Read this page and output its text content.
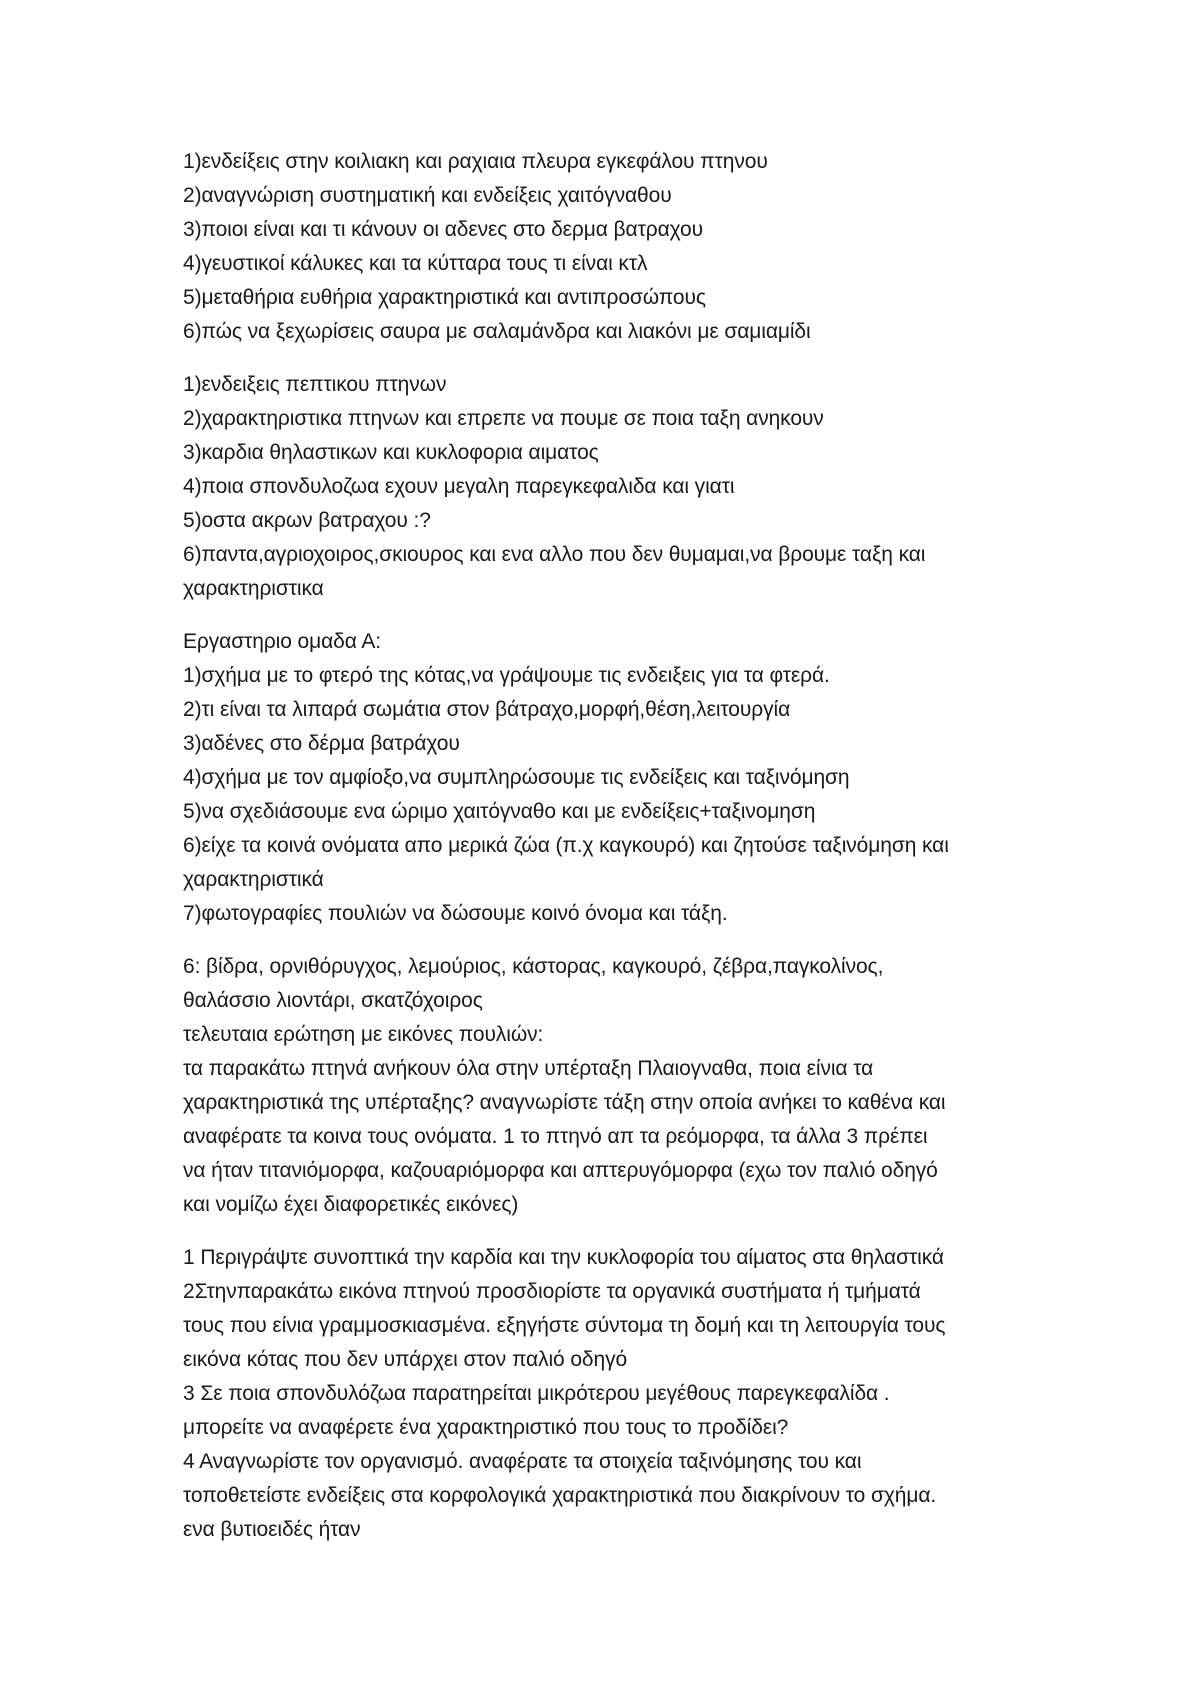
1)ενδείξεις στην κοιλιακη και ραχιαια πλευρα εγκεφάλου πτηνου
2)αναγνώριση συστηματική και ενδείξεις χαιτόγναθου
3)ποιοι είναι και τι κάνουν οι αδενες στο δερμα βατραχου
4)γευστικοί κάλυκες και τα κύτταρα τους τι είναι κτλ
5)μεταθήρια ευθήρια χαρακτηριστικά και αντιπροσώπους
6)πώς να ξεχωρίσεις σαυρα με σαλαμάνδρα και λιακόνι με σαμιαμίδι
1)ενδειξεις πεπτικου πτηνων
2)χαρακτηριστικα πτηνων και επρεπε να πουμε σε ποια ταξη ανηκουν
3)καρδια θηλαστικων και κυκλοφορια αιματος
4)ποια σπονδυλοζωα εχουν μεγαλη παρεγκεφαλιδα και γιατι
5)οστα ακρων βατραχου :?
6)παντα,αγριοχοιρος,σκιουρος και ενα αλλο που δεν θυμαμαι,να βρουμε ταξη και
χαρακτηριστικα
Εργαστηριο ομαδα Α:
1)σχήμα με το φτερό της κότας,να γράψουμε τις ενδειξεις για τα φτερά.
2)τι είναι τα λιπαρά σωμάτια στον βάτραχο,μορφή,θέση,λειτουργία
3)αδένες στο δέρμα βατράχου
4)σχήμα με τον αμφίοξο,να συμπληρώσουμε τις ενδείξεις και ταξινόμηση
5)να σχεδιάσουμε ενα ώριμο χαιτόγναθο και με ενδείξεις+ταξινομηση
6)είχε τα κοινά ονόματα απο μερικά ζώα (π.χ καγκουρό) και ζητούσε ταξινόμηση και
χαρακτηριστικά
7)φωτογραφίες πουλιών να δώσουμε κοινό όνομα και τάξη.
6: βίδρα, ορνιθόρυγχος, λεμούριος, κάστορας, καγκουρό, ζέβρα,παγκολίνος,
θαλάσσιο λιοντάρι, σκατζόχοιρος
τελευταια ερώτηση με εικόνες πουλιών:
τα παρακάτω πτηνά ανήκουν όλα στην υπέρταξη Πλαιογναθα, ποια είνια τα
χαρακτηριστικά της υπέρταξης? αναγνωρίστε τάξη στην οποία ανήκει το καθένα και
αναφέρατε τα κοινα τους ονόματα. 1 το πτηνό απ τα ρεόμορφα, τα άλλα 3 πρέπει
να ήταν τιτανιόμορφα, καζουαριόμορφα και απτερυγόμορφα (εχω τον παλιό οδηγό
και νομίζω έχει διαφορετικές εικόνες)
1 Περιγράψτε συνοπτικά την καρδία και την κυκλοφορία του αίματος στα θηλαστικά
2Στηνπαρακάτω εικόνα πτηνού προσδιορίστε τα οργανικά συστήματα ή τμήματά
τους που είνια γραμμοσκιασμένα. εξηγήστε σύντομα τη δομή και τη λειτουργία τους
εικόνα κότας που δεν υπάρχει στον παλιό οδηγό
3 Σε ποια σπονδυλόζωα παρατηρείται μικρότερου μεγέθους παρεγκεφαλίδα .
μπορείτε να αναφέρετε ένα χαρακτηριστικό που τους το προδίδει?
4 Αναγνωρίστε τον οργανισμό. αναφέρατε τα στοιχεία ταξινόμησης του και
τοποθετείστε ενδείξεις στα κορφολογικά χαρακτηριστικά που διακρίνουν το σχήμα.
ενα βυτιοειδές ήταν
